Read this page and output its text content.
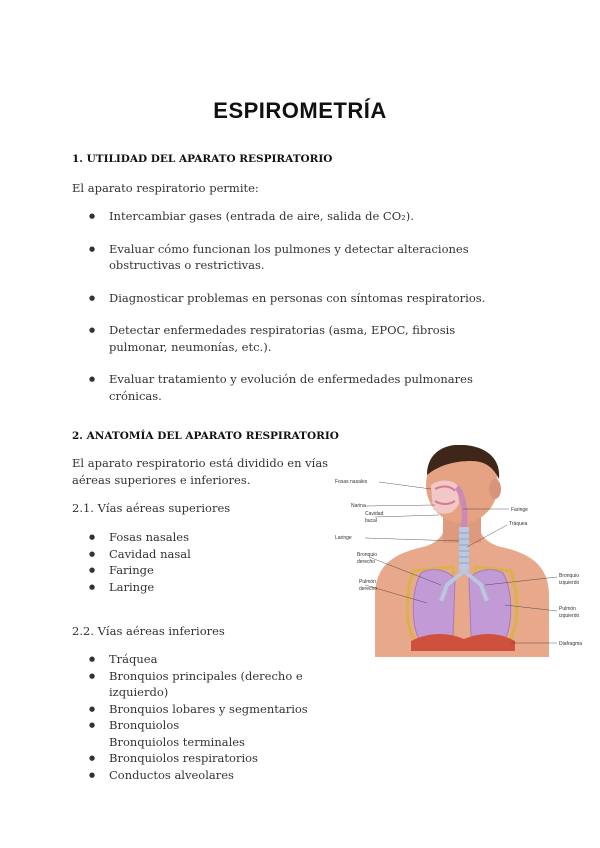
ESPIROMETRÍA
1. UTILIDAD DEL APARATO RESPIRATORIO
El aparato respiratorio permite:
● Intercambiar gases (entrada de aire, salida de CO₂).
● Evaluar cómo funcionan los pulmones y detectar alteraciones obstructivas o restrictivas.
● Diagnosticar problemas en personas con síntomas respiratorios.
● Detectar enfermedades respiratorias (asma, EPOC, fibrosis pulmonar, neumonías, etc.).
● Evaluar tratamiento y evolución de enfermedades pulmonares crónicas.
2. ANATOMÍA DEL APARATO RESPIRATORIO
El aparato respiratorio está dividido en vías aéreas superiores e inferiores.
2.1. Vías aéreas superiores
● Fosas nasales
● Cavidad nasal
● Faringe
● Laringe
2.2. Vías aéreas inferiores
● Tráquea
● Bronquios principales (derecho e izquierdo)
● Bronquios lobares y segmentarios
● Bronquiolos
Bronquiolos terminales
● Bronquiolos respiratorios
● Conductos alveolares
Fosas nasales
Narina
Cavidad
bucal
Laringe
Bronquio
derecho
Pulmón
derecho
Faringe
Tráquea
Bronquio
izquierdo
Pulmón
izquierdo
Diafragma
